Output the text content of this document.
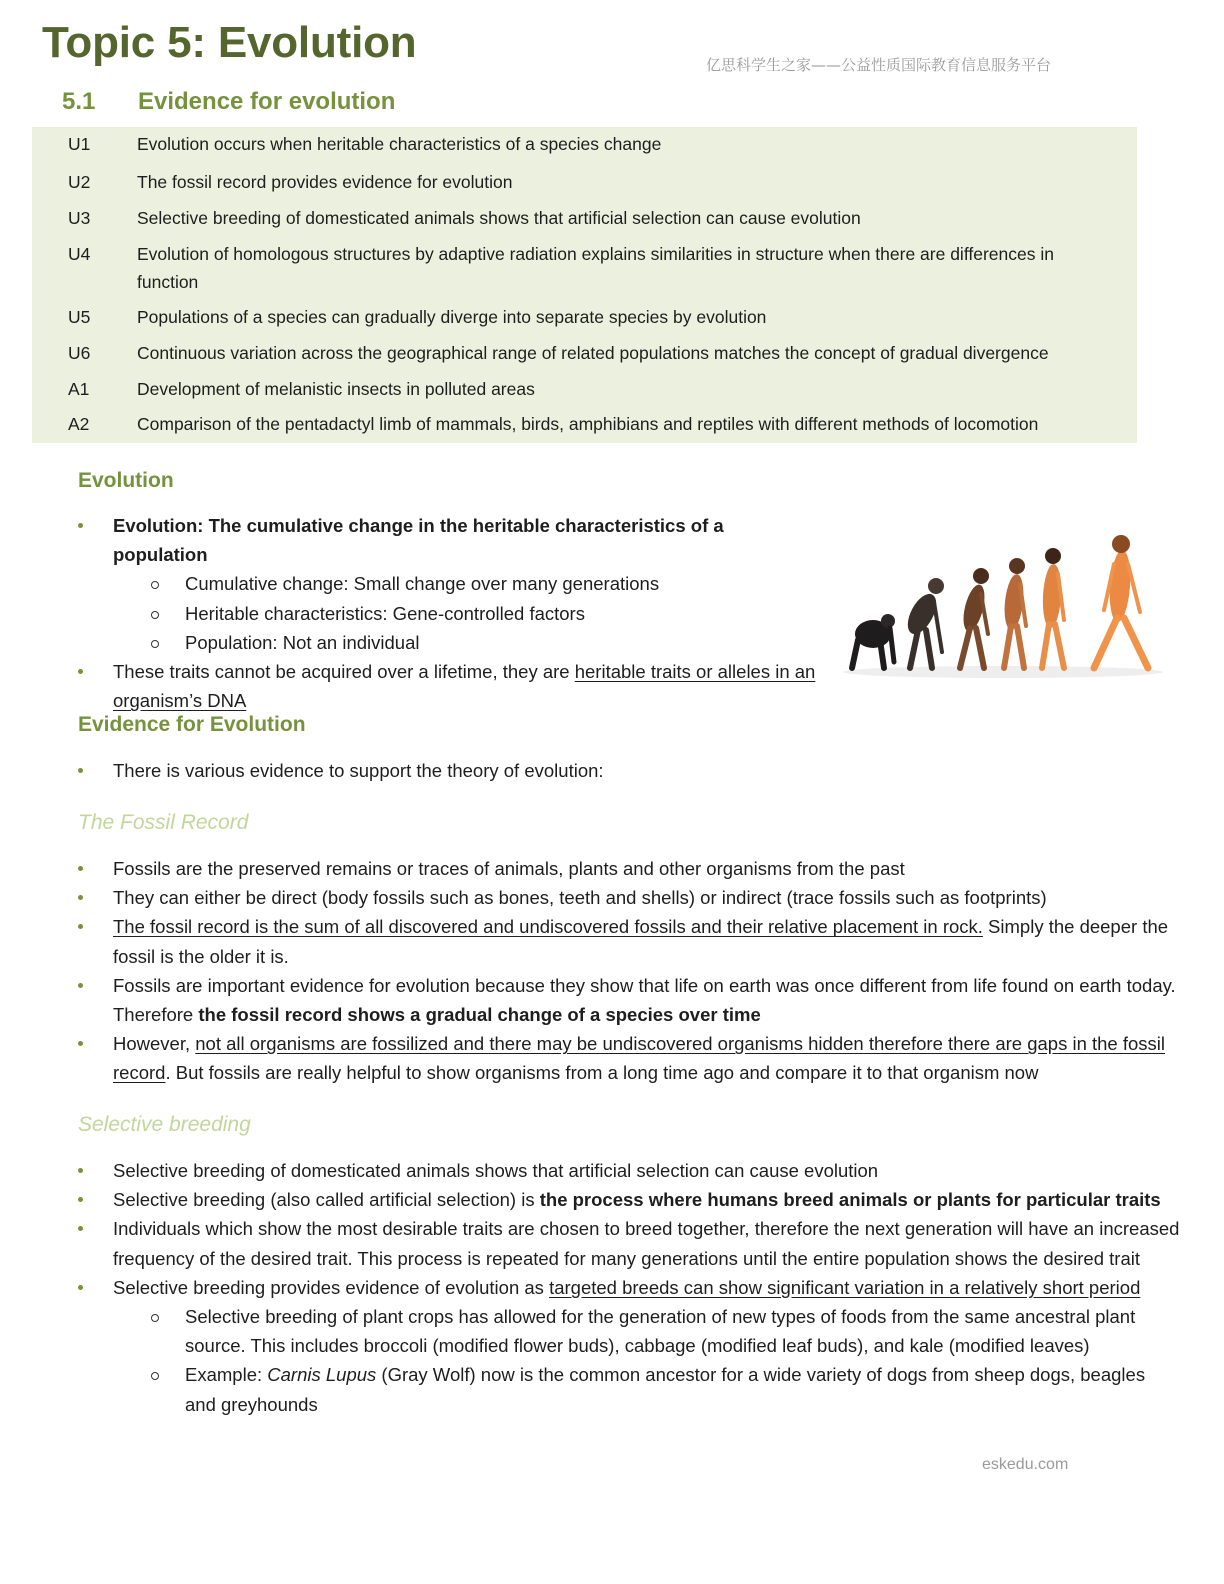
Topic 5: Evolution	亿思科学生之家——公益性质国际教育信息服务平台
5.1 Evidence for evolution
U1	Evolution occurs when heritable characteristics of a species change
U2	The fossil record provides evidence for evolution
U3	Selective breeding of domesticated animals shows that artificial selection can cause evolution
U4	Evolution of homologous structures by adaptive radiation explains similarities in structure when there are differences in function
U5	Populations of a species can gradually diverge into separate species by evolution
U6	Continuous variation across the geographical range of related populations matches the concept of gradual divergence
A1	Development of melanistic insects in polluted areas
A2	Comparison of the pentadactyl limb of mammals, birds, amphibians and reptiles with different methods of locomotion
Evolution
Evolution: The cumulative change in the heritable characteristics of a population
Cumulative change: Small change over many generations
Heritable characteristics: Gene-controlled factors
Population: Not an individual
These traits cannot be acquired over a lifetime, they are heritable traits or alleles in an organism’s DNA
Evidence for Evolution
There is various evidence to support the theory of evolution:
The Fossil Record
Fossils are the preserved remains or traces of animals, plants and other organisms from the past
They can either be direct (body fossils such as bones, teeth and shells) or indirect (trace fossils such as footprints)
The fossil record is the sum of all discovered and undiscovered fossils and their relative placement in rock. Simply the deeper the fossil is the older it is.
Fossils are important evidence for evolution because they show that life on earth was once different from life found on earth today. Therefore the fossil record shows a gradual change of a species over time
However, not all organisms are fossilized and there may be undiscovered organisms hidden therefore there are gaps in the fossil record. But fossils are really helpful to show organisms from a long time ago and compare it to that organism now
Selective breeding
Selective breeding of domesticated animals shows that artificial selection can cause evolution
Selective breeding (also called artificial selection) is the process where humans breed animals or plants for particular traits
Individuals which show the most desirable traits are chosen to breed together, therefore the next generation will have an increased frequency of the desired trait. This process is repeated for many generations until the entire population shows the desired trait
Selective breeding provides evidence of evolution as targeted breeds can show significant variation in a relatively short period
Selective breeding of plant crops has allowed for the generation of new types of foods from the same ancestral plant source. This includes broccoli (modified flower buds), cabbage (modified leaf buds), and kale (modified leaves)
Example: Carnis Lupus (Gray Wolf) now is the common ancestor for a wide variety of dogs from sheep dogs, beagles and greyhounds
eskedu.com
